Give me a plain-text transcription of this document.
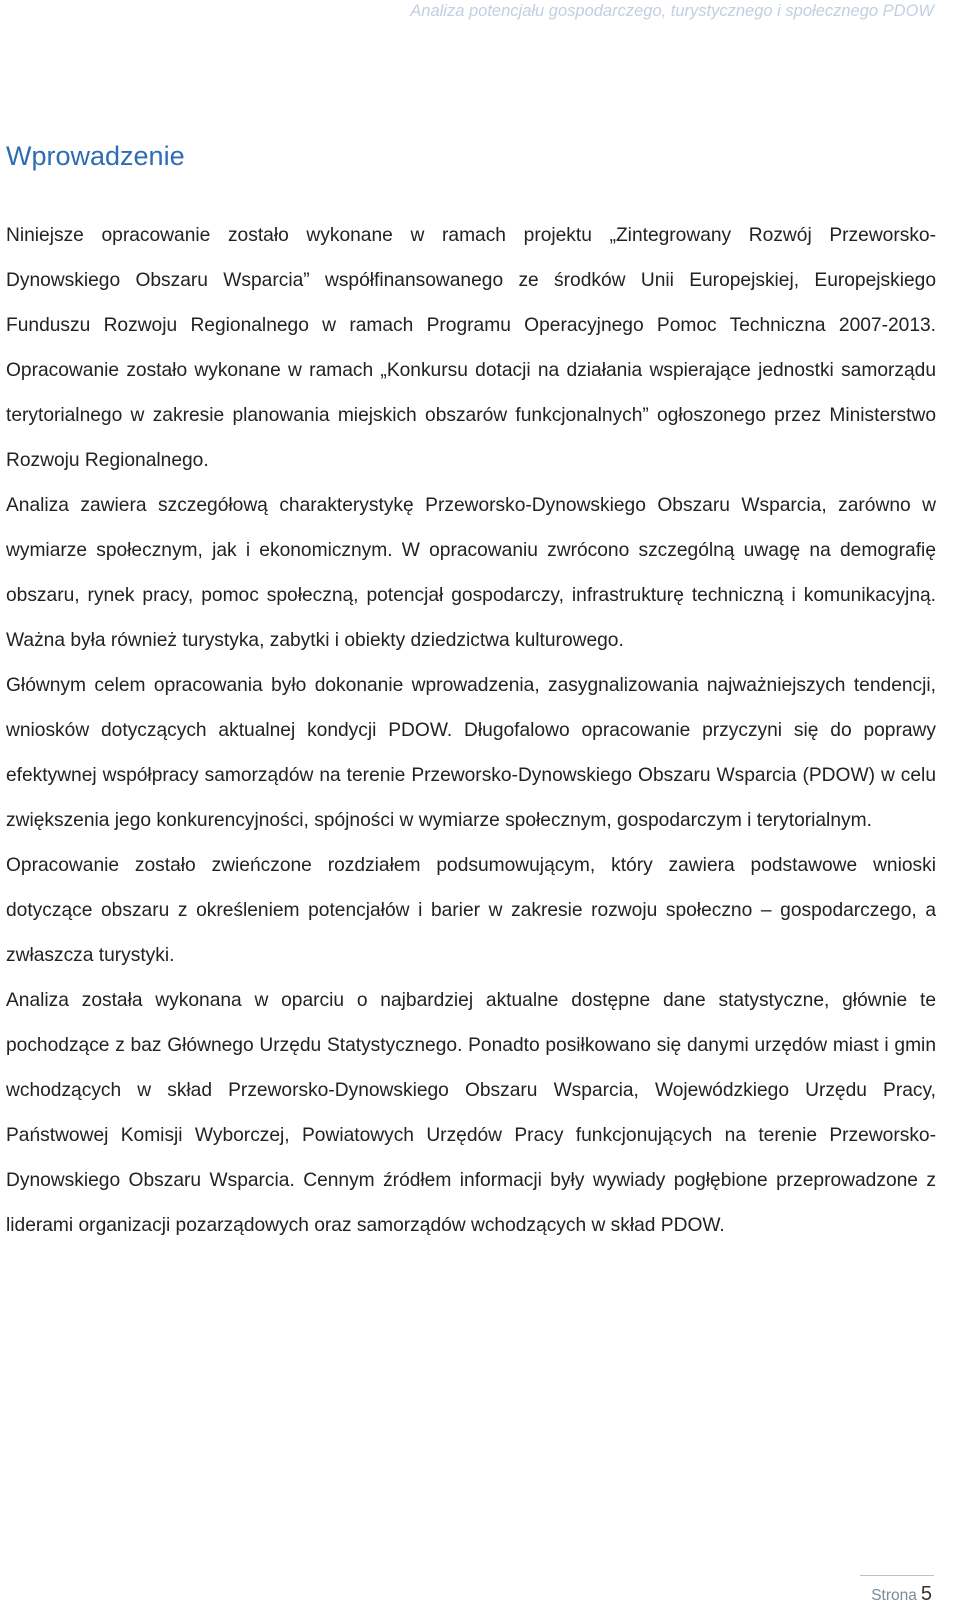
Analiza potencjału gospodarczego, turystycznego i społecznego PDOW
Wprowadzenie

Niniejsze opracowanie zostało wykonane w ramach projektu „Zintegrowany Rozwój Przeworsko-Dynowskiego Obszaru Wsparcia” współfinansowanego ze środków Unii Europejskiej, Europejskiego Funduszu Rozwoju Regionalnego w ramach Programu Operacyjnego Pomoc Techniczna 2007-2013. Opracowanie zostało wykonane w ramach „Konkursu dotacji na działania wspierające jednostki samorządu terytorialnego w zakresie planowania miejskich obszarów funkcjonalnych” ogłoszonego przez Ministerstwo Rozwoju Regionalnego.

Analiza zawiera szczegółową charakterystykę Przeworsko-Dynowskiego Obszaru Wsparcia, zarówno w wymiarze społecznym, jak i ekonomicznym. W opracowaniu zwrócono szczególną uwagę na demografię obszaru, rynek pracy, pomoc społeczną, potencjał gospodarczy, infrastrukturę techniczną i komunikacyjną. Ważna była również turystyka, zabytki i obiekty dziedzictwa kulturowego.

Głównym celem opracowania było dokonanie wprowadzenia, zasygnalizowania najważniejszych tendencji, wniosków dotyczących aktualnej kondycji PDOW. Długofalowo opracowanie przyczyni się do poprawy efektywnej współpracy samorządów na terenie Przeworsko-Dynowskiego Obszaru Wsparcia (PDOW) w celu zwiększenia jego konkurencyjności, spójności w wymiarze społecznym, gospodarczym i terytorialnym.

Opracowanie zostało zwieńczone rozdziałem podsumowującym, który zawiera podstawowe wnioski dotyczące obszaru z określeniem potencjałów i barier w zakresie rozwoju społeczno – gospodarczego, a zwłaszcza turystyki.

Analiza została wykonana w oparciu o najbardziej aktualne dostępne dane statystyczne, głównie te pochodzące z baz Głównego Urzędu Statystycznego. Ponadto posiłkowano się danymi urzędów miast i gmin wchodzących w skład Przeworsko-Dynowskiego Obszaru Wsparcia, Wojewódzkiego Urzędu Pracy, Państwowej Komisji Wyborczej, Powiatowych Urzędów Pracy funkcjonujących na terenie Przeworsko-Dynowskiego Obszaru Wsparcia. Cennym źródłem informacji były wywiady pogłębione przeprowadzone z liderami organizacji pozarządowych oraz samorządów wchodzących w skład PDOW.

Strona 5
